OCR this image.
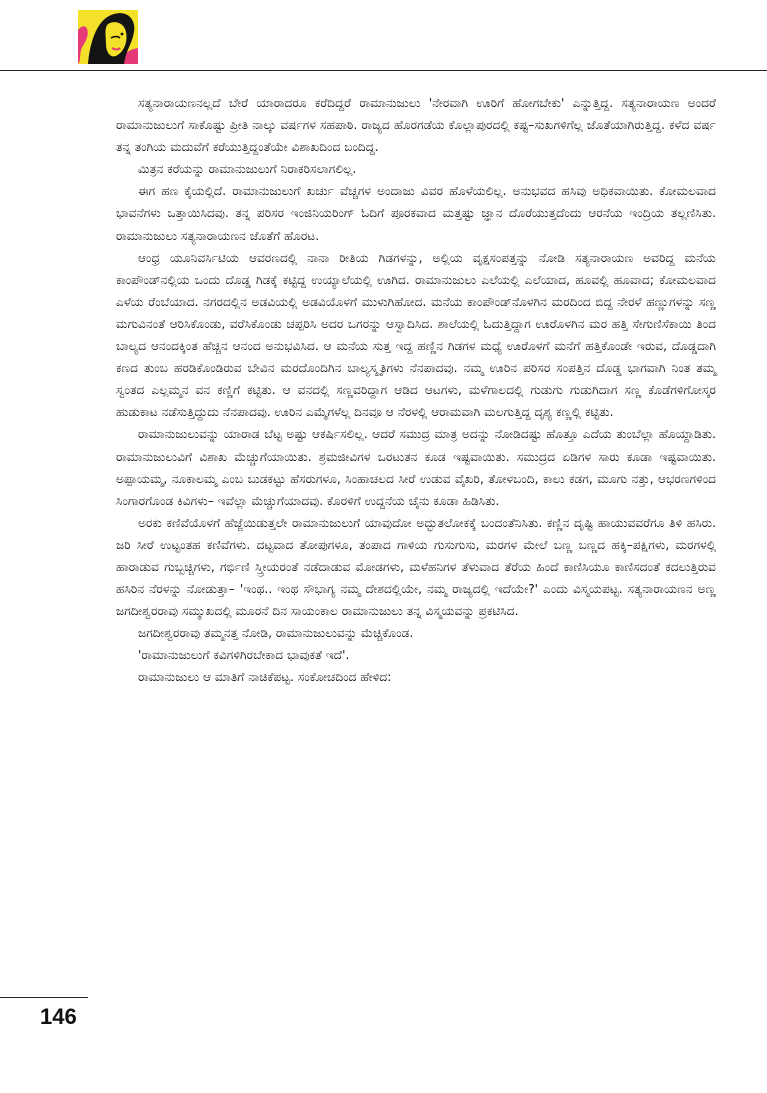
ಸತ್ಯನಾರಾಯಣನಲ್ಲದೆ ಬೇರೆ ಯಾರಾದರೂ ಕರೆದಿದ್ದರೆ ರಾಮಾನುಜುಲು 'ನೇರವಾಗಿ ಊರಿಗೆ ಹೋಗಬೇಕು' ಎನ್ನುತ್ತಿದ್ದ. ಸತ್ಯನಾರಾಯಣ ಅಂದರೆ ರಾಮಾನುಜುಲುಗೆ ಸಾಕೊಷ್ಟು ಪ್ರೀತಿ ನಾಲ್ಕು ವರ್ಷಗಳ ಸಹಪಾಠಿ. ರಾಜ್ಯದ ಹೊರಗಡೆಯ ಕೊಲ್ಲಾಪುರದಲ್ಲಿ ಕಷ್ಟ–ಸುಖಗಳಿಗೆಲ್ಲ ಜೊತೆಯಾಗಿರುತ್ತಿದ್ದ. ಕಳೆದ ವರ್ಷ ತನ್ನ ತಂಗಿಯ ಮದುವೆಗೆ ಕರೆಯುತ್ತಿದ್ದಂತೆಯೇ ವಿಶಾಖದಿಂದ ಬಂದಿದ್ದ.

ಮಿತ್ರನ ಕರೆಯನ್ನು ರಾಮಾನುಜುಲುಗೆ ನಿರಾಕರಿಸಲಾಗಲಿಲ್ಲ.

ಈಗ ಹಣ ಕೈಯಲ್ಲಿದೆ. ರಾಮಾನುಜುಲುಗೆ ಖರ್ಚು ವೆಚ್ಚಗಳ ಅಂದಾಜು ವಿವರ ಹೊಳೆಯಲಿಲ್ಲ. ಅನುಭವದ ಹಸಿವು ಅಧಿಕವಾಯಿತು. ಕೋಮಲವಾದ ಭಾವನೆಗಳು ಒತ್ತಾಯಿಸಿದವು. ತನ್ನ ಪರಿಸರ ಇಂಜಿನಿಯರಿಂಗ್ ಓದಿಗೆ ಪೂರಕವಾದ ಮತ್ತಷ್ಟು ಜ್ಞಾನ ದೊರೆಯುತ್ತದೆಂದು ಆರನೆಯ ಇಂದ್ರಿಯ ತಲ್ಲಣಿಸಿತು. ರಾಮಾನುಜುಲು ಸತ್ಯನಾರಾಯಣನ ಜೊತೆಗೆ ಹೊರಟ.

ಆಂಧ್ರ ಯೂನಿವರ್ಸಿಟಿಯ ಆವರಣದಲ್ಲಿ ನಾನಾ ರೀತಿಯ ಗಿಡಗಳನ್ನು, ಅಲ್ಲಿಯ ವೃಕ್ಷಸಂಪತ್ತನ್ನು ನೋಡಿ ಸತ್ಯನಾರಾಯಣ ಅವರಿದ್ದ ಮನೆಯ ಕಾಂಪೌಂಡ್‌ನಲ್ಲಿಯ ಒಂದು ದೊಡ್ಡ ಗಿಡಕ್ಕೆ ಕಟ್ಟಿದ್ದ ಉಯ್ಯಾಲೆಯಲ್ಲಿ ಊಗಿದ. ರಾಮಾನುಜುಲು ಎಲೆಯಲ್ಲಿ ಎಲೆಯಾದ, ಹೂವಲ್ಲಿ ಹೂವಾದ; ಕೋಮಲವಾದ ಎಳೆಯ ರೆಂಬೆಯಾದ. ನಗರದಲ್ಲಿನ ಅಡವಿಯಲ್ಲಿ ಅಡವಿಯೊಳಗೆ ಮುಳುಗಿಹೋದ. ಮನೆಯ ಕಾಂಪೌಂಡ್‌ನೊಳಗಿನ ಮರದಿಂದ ಬಿದ್ದ ನೇರಳೆ ಹಣ್ಣುಗಳನ್ನು ಸಣ್ಣ ಮಗುವಿನಂತೆ ಆರಿಸಿಕೊಂಡು, ವರೆಸಿಕೊಂಡು ಚಪ್ಪರಿಸಿ ಅದರ ಒಗರನ್ನು ಆಸ್ವಾದಿಸಿದ. ಶಾಲೆಯಲ್ಲಿ ಓದುತ್ತಿದ್ದಾಗ ಊರೊಳಗಿನ ಮರ ಹತ್ತಿ ಸೇಗುಣಿಸೆಕಾಯಿ ತಿಂದ ಬಾಲ್ಯದ ಆನಂದಕ್ಕಿಂತ ಹೆಚ್ಚಿನ ಆನಂದ ಅನುಭವಿಸಿದ. ಆ ಮನೆಯ ಸುತ್ತ ಇದ್ದ ಹಣ್ಣಿನ ಗಿಡಗಳ ಮಧ್ಯೆ ಊರೊಳಗೆ ಮನೆಗೆ ಹತ್ತಿಕೊಂಡೇ ಇರುವ, ದೊಡ್ಡದಾಗಿ ಕಣದ ತುಂಬ ಹರಡಿಕೊಂಡಿರುವ ಬೇವಿನ ಮರದೊಂದಿಗಿನ ಬಾಲ್ಯಸ್ಮೃತಿಗಳು ನೆನಪಾದವು. ನಮ್ಮ ಊರಿನ ಪರಿಸರ ಸಂಪತ್ತಿನ ದೊಡ್ಡ ಭಾಗವಾಗಿ ನಿಂತ ತಮ್ಮ ಸ್ವಂತದ ಎಲ್ಲಮ್ಮನ ವನ ಕಣ್ಣಿಗೆ ಕಟ್ಟಿತು. ಆ ವನದಲ್ಲಿ ಸಣ್ಣವರಿದ್ದಾಗ ಆಡಿದ ಆಟಗಳು, ಮಳೆಗಾಲದಲ್ಲಿ ಗುಡುಗು ಗುಡುಗಿದಾಗ ಸಣ್ಣ ಕೊಡೆಗಳಿಗೋಸ್ಕರ ಹುಡುಕಾಟ ನಡೆಸುತ್ತಿದ್ದುದು ನೆನಪಾದವು. ಊರಿನ ಎಮ್ಮೆಗಳೆಲ್ಲ ದಿನವೂ ಆ ನೆರಳಲ್ಲಿ ಆರಾಮವಾಗಿ ಮಲಗುತ್ತಿದ್ದ ದೃಶ್ಯ ಕಣ್ಣಲ್ಲಿ ಕಟ್ಟಿತು.

ರಾಮಾನುಜುಲುವನ್ನು ಯಾರಾಡ ಬೆಟ್ಟ ಅಷ್ಟು ಆಕರ್ಷಿಸಲಿಲ್ಲ. ಆದರೆ ಸಮುದ್ರ ಮಾತ್ರ ಅದನ್ನು ನೋಡಿದಷ್ಟು ಹೊತ್ತೂ ಎದೆಯ ತುಂಬೆಲ್ಲಾ ಹೊಯ್ದಾಡಿತು. ರಾಮಾನುಜುಲುವಿಗೆ ವಿಶಾಖ ಮೆಚ್ಚುಗೆಯಾಯಿತು. ಶ್ರಮಜೀವಿಗಳ ಒರಟುತನ ಕೂಡ ಇಷ್ಟವಾಯಿತು. ಸಮುದ್ರದ ಏಡಿಗಳ ಸಾರು ಕೂಡಾ ಇಷ್ಟವಾಯಿತು. ಅಪ್ಪಾಯಮ್ಮ, ನೂಕಾಲಮ್ಮ ಎಂಬ ಬುಡಕಟ್ಟು ಹೆಸರುಗಳೂ, ಸಿಂಹಾಚಲದ ಸೀರೆ ಉಡುವ ವೈಖರಿ, ತೋಳಬಂದಿ, ಕಾಲು ಕಡಗ, ಮೂಗು ನತ್ತು, ಆಭರಣಗಳಿಂದ ಸಿಂಗಾರಗೊಂಡ ಕಿವಿಗಳು– ಇವೆಲ್ಲಾ ಮೆಚ್ಚುಗೆಯಾದವು. ಕೊರಳಿಗೆ ಉದ್ದನೆಯ ಚೈನು ಕೂಡಾ ಹಿಡಿಸಿತು.

ಅರಕು ಕಣಿವೆಯೊಳಗೆ ಹೆಜ್ಜೆಯಿಡುತ್ತಲೇ ರಾಮಾನುಜುಲುಗೆ ಯಾವುದೋ ಅದ್ಭುತಲೋಕಕ್ಕೆ ಬಂದಂತೆನಿಸಿತು. ಕಣ್ಣಿನ ದೃಷ್ಟಿ ಹಾಯುವವರೆಗೂ ತಿಳಿ ಹಸಿರು. ಜರಿ ಸೀರೆ ಉಟ್ಟಂತಹ ಕಣಿವೆಗಳು. ದಟ್ಟವಾದ ತೋಪುಗಳೂ, ತಂಪಾದ ಗಾಳಿಯ ಗುಸುಗುಸು, ಮರಗಳ ಮೇಲೆ ಬಣ್ಣ ಬಣ್ಣದ ಹಕ್ಕಿ–ಪಕ್ಷಿಗಳು, ಮರಗಳಲ್ಲಿ ಹಾರಾಡುವ ಗುಬ್ಬಚ್ಚಿಗಳು, ಗರ್ಭಿಣಿ ಸ್ತ್ರೀಯರಂತೆ ನಡೆದಾಡುವ ಮೋಡಗಳು, ಮಳೆಹನಿಗಳ ತೆಳುವಾದ ತೆರೆಯ ಹಿಂದೆ ಕಾಣಿಸಿಯೂ ಕಾಣಿಸದಂತೆ ಕದಲುತ್ತಿರುವ ಹಸಿರಿನ ನೆರಳನ್ನು ನೋಡುತ್ತಾ– 'ಇಂಥ.. ಇಂಥ ಸೌಭಾಗ್ಯ ನಮ್ಮ ದೇಶದಲ್ಲಿಯೇ, ನಮ್ಮ ರಾಜ್ಯದಲ್ಲಿ ಇದೆಯೇ?' ಎಂದು ವಿಸ್ಮಯಪಟ್ಟ. ಸತ್ಯನಾರಾಯಣನ ಅಣ್ಣ ಜಗದೀಶ್ವರರಾವು ಸಮ್ಮುಖದಲ್ಲಿ ಮೂರನೆ ದಿನ ಸಾಯಂಕಾಲ ರಾಮಾನುಜುಲು ತನ್ನ ವಿಸ್ಮಯವನ್ನು ಪ್ರಕಟಿಸಿದ.

ಜಗದೀಶ್ವರರಾವು ತಮ್ಮನತ್ತ ನೋಡಿ, ರಾಮಾನುಜುಲುವನ್ನು ಮೆಚ್ಚಿಕೊಂಡ.

'ರಾಮಾನುಜುಲುಗೆ ಕವಿಗಳಿಗಿರಬೇಕಾದ ಭಾವುಕತೆ ಇದೆ'.

ರಾಮಾನುಜುಲು ಆ ಮಾತಿಗೆ ನಾಚಿಕೆಪಟ್ಟ. ಸಂಕೋಚದಿಂದ ಹೇಳಿದ:

146
